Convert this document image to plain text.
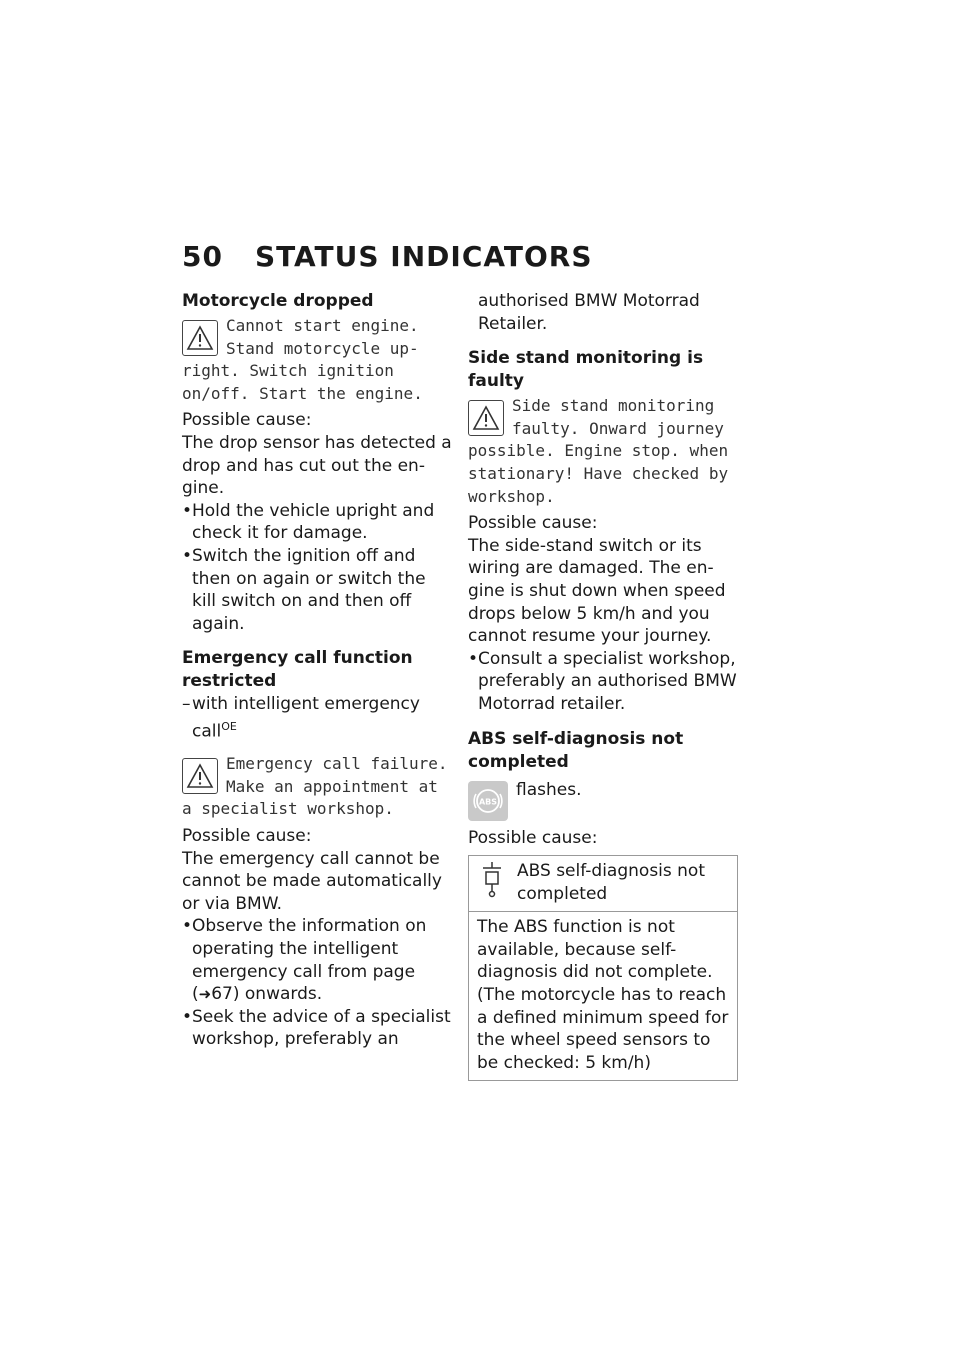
50 STATUS INDICATORS

Motorcycle dropped

Cannot start engine. Stand motorcycle upright. Switch ignition on/off. Start the engine.

Possible cause:

The drop sensor has detected a drop and has cut out the engine.

• Hold the vehicle upright and check it for damage.
• Switch the ignition off and then on again or switch the kill switch on and then off again.

Emergency call function restricted

– with intelligent emergency call$^{OE}$

Emergency call failure. Make an appointment at a specialist workshop.

Possible cause:

The emergency call cannot be cannot be made automatically or via BMW.

• Observe the information on operating the intelligent emergency call from page (➜67) onwards.
• Seek the advice of a specialist workshop, preferably an

authorised BMW Motorrad Retailer.

Side stand monitoring is faulty

Side stand monitoring faulty. Onward journey possible. Engine stop. when stationary! Have checked by workshop.

Possible cause:

The side-stand switch or its wiring are damaged. The engine is shut down when speed drops below 5 km/h and you cannot resume your journey.

• Consult a specialist workshop, preferably an authorised BMW Motorrad retailer.

ABS self-diagnosis not completed

ABS

flashes.

Possible cause:

ABS self-diagnosis not completed
The ABS function is not available, because self-diagnosis did not complete. (The motorcycle has to reach a defined minimum speed for the wheel speed sensors to be checked: 5 km/h)
